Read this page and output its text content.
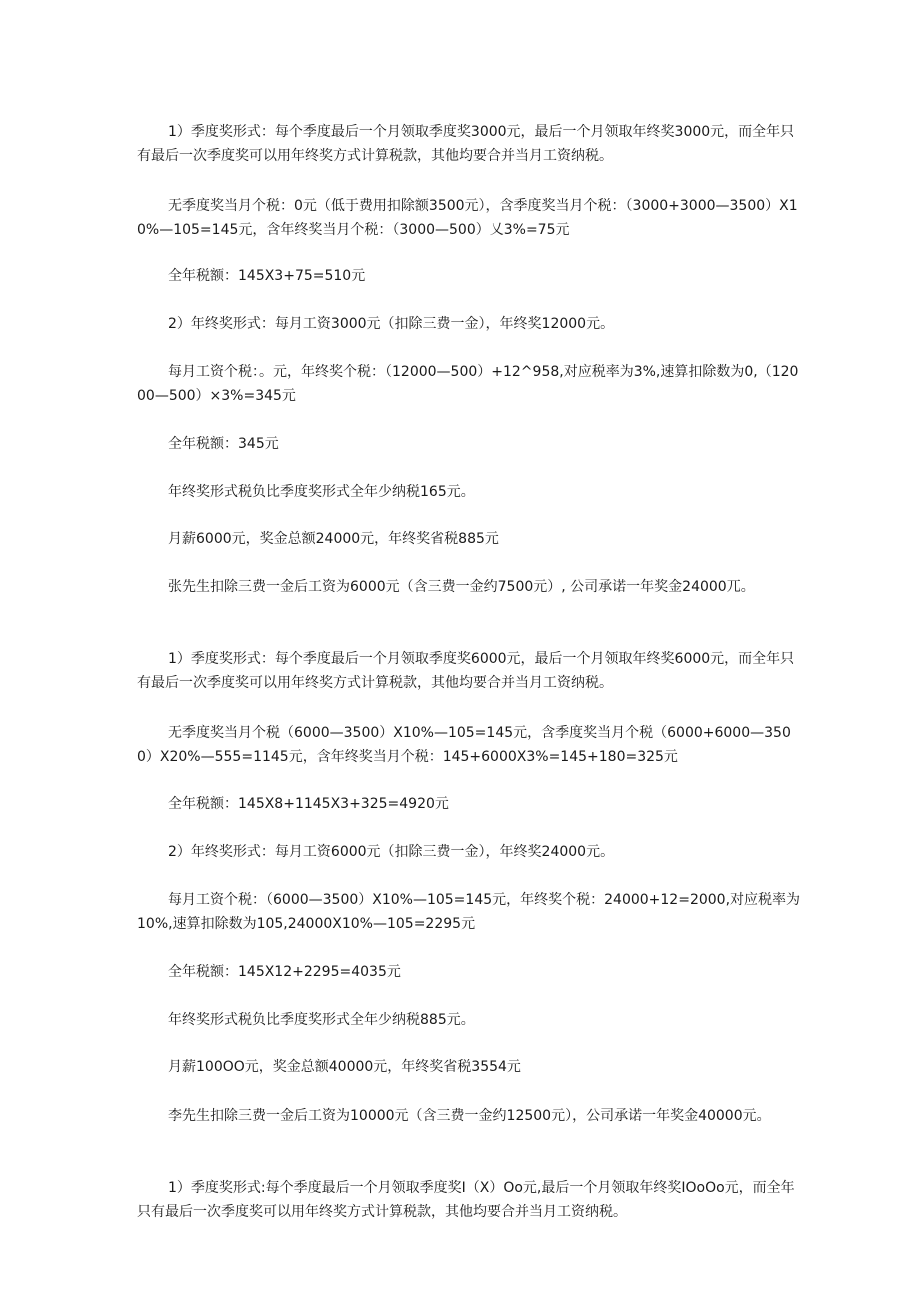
1）季度奖形式：每个季度最后一个月领取季度奖3000元，最后一个月领取年终奖3000元，而全年只有最后一次季度奖可以用年终奖方式计算税款，其他均要合并当月工资纳税。

无季度奖当月个税：0元（低于费用扣除额3500元），含季度奖当月个税：（3000+3000—3500）X10%—105=145元，含年终奖当月个税：（3000—500）乂3%=75元

全年税额：145X3+75=510元

2）年终奖形式：每月工资3000元（扣除三费一金），年终奖12000元。

每月工资个税：。元，年终奖个税：（12000—500）+12^958,对应税率为3%,速算扣除数为0,（12000—500）×3%=345元

全年税额：345元

年终奖形式税负比季度奖形式全年少纳税165元。

月薪6000元，奖金总额24000元，年终奖省税885元

张先生扣除三费一金后工资为6000元（含三费一金约7500元）, 公司承诺一年奖金24000兀。

1）季度奖形式：每个季度最后一个月领取季度奖6000元，最后一个月领取年终奖6000元，而全年只有最后一次季度奖可以用年终奖方式计算税款，其他均要合并当月工资纳税。

无季度奖当月个税（6000—3500）X10%—105=145元，含季度奖当月个税（6000+6000—3500）X20%—555=1145元，含年终奖当月个税：145+6000X3%=145+180=325元

全年税额：145X8+1145X3+325=4920元

2）年终奖形式：每月工资6000元（扣除三费一金），年终奖24000元。

每月工资个税：（6000—3500）X10%—105=145元，年终奖个税：24000+12=2000,对应税率为10%,速算扣除数为105,24000X10%—105=2295元

全年税额：145X12+2295=4035元

年终奖形式税负比季度奖形式全年少纳税885元。

月薪100OO元，奖金总额40000元，年终奖省税3554元

李先生扣除三费一金后工资为10000元（含三费一金约12500元），公司承诺一年奖金40000元。

1）季度奖形式:每个季度最后一个月领取季度奖I（X）Oo元,最后一个月领取年终奖IOoOo元，而全年只有最后一次季度奖可以用年终奖方式计算税款，其他均要合并当月工资纳税。
